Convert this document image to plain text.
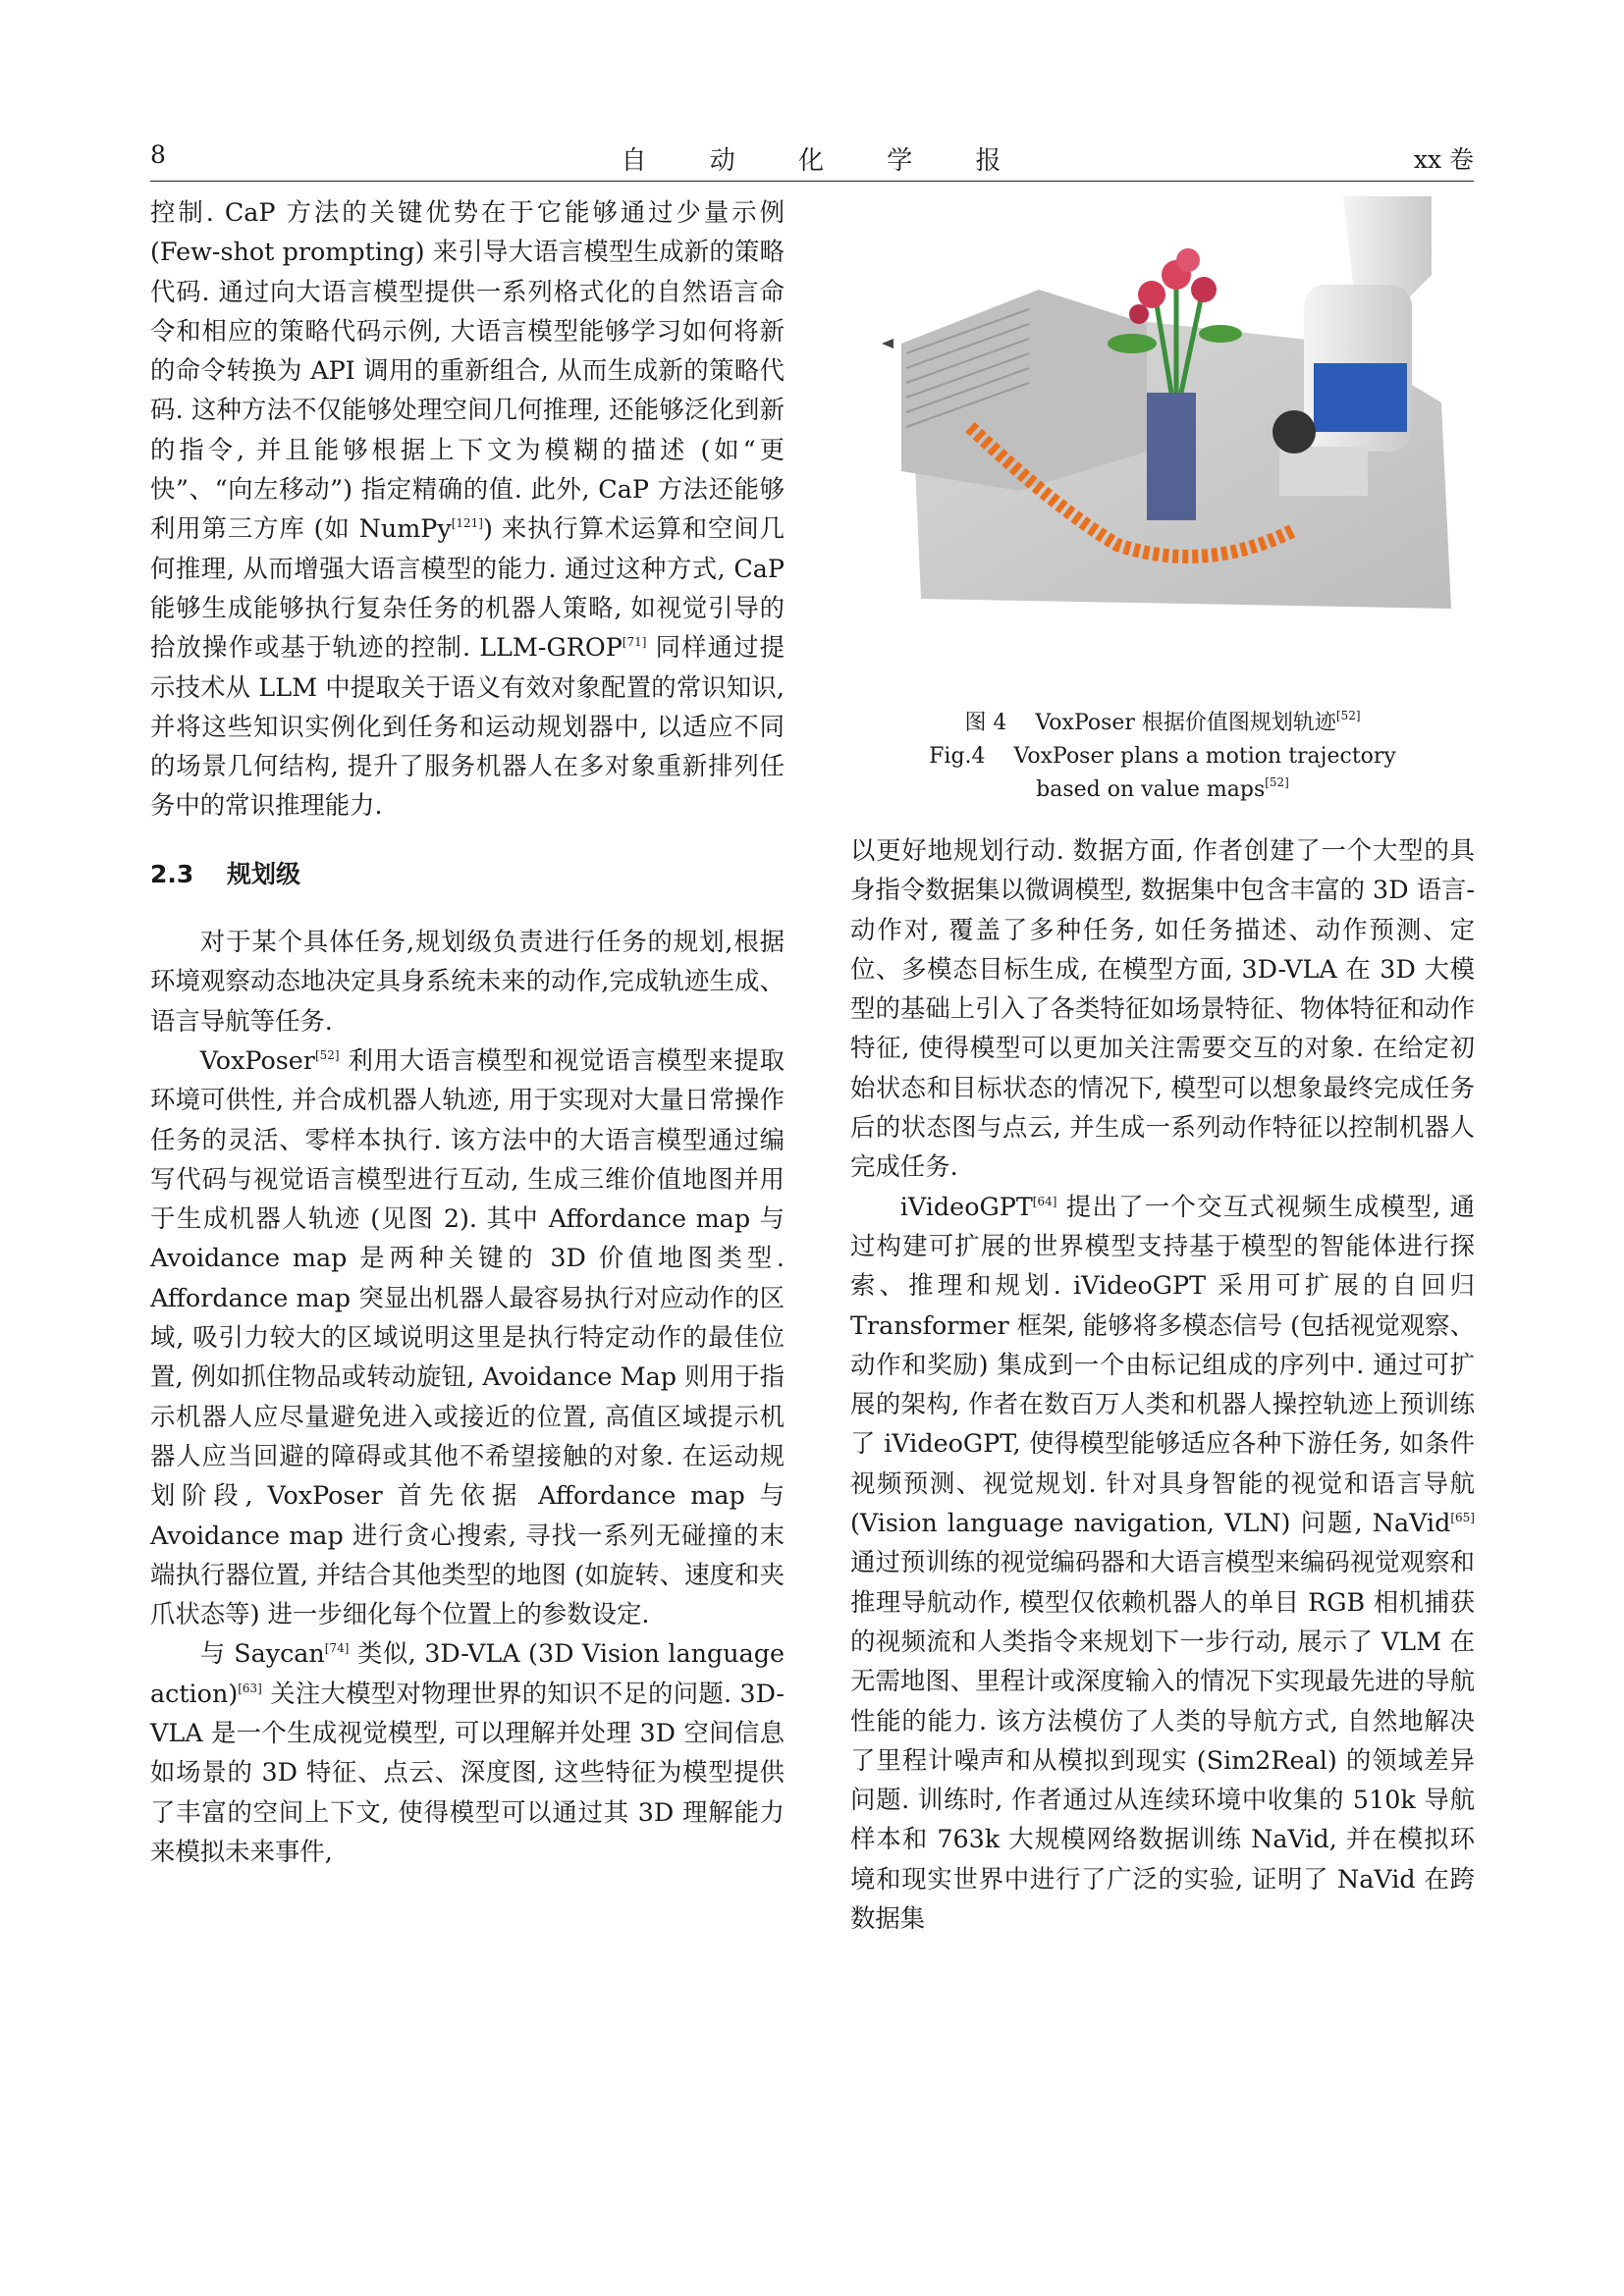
8	自 动 化 学 报	xx 卷

控制. CaP 方法的关键优势在于它能够通过少量示例 (Few-shot prompting) 来引导大语言模型生成新的策略代码. 通过向大语言模型提供一系列格式化的自然语言命令和相应的策略代码示例, 大语言模型能够学习如何将新的命令转换为 API 调用的重新组合, 从而生成新的策略代码. 这种方法不仅能够处理空间几何推理, 还能够泛化到新的指令, 并且能够根据上下文为模糊的描述 (如“更快”、“向左移动”) 指定精确的值. 此外, CaP 方法还能够利用第三方库 (如 NumPy[121]) 来执行算术运算和空间几何推理, 从而增强大语言模型的能力. 通过这种方式, CaP 能够生成能够执行复杂任务的机器人策略, 如视觉引导的拾放操作或基于轨迹的控制. LLM-GROP[71] 同样通过提示技术从 LLM 中提取关于语义有效对象配置的常识知识, 并将这些知识实例化到任务和运动规划器中, 以适应不同的场景几何结构, 提升了服务机器人在多对象重新排列任务中的常识推理能力.

2.3 　规划级

对于某个具体任务,规划级负责进行任务的规划,根据环境观察动态地决定具身系统未来的动作,完成轨迹生成、语言导航等任务.

VoxPoser[52] 利用大语言模型和视觉语言模型来提取环境可供性, 并合成机器人轨迹, 用于实现对大量日常操作任务的灵活、零样本执行. 该方法中的大语言模型通过编写代码与视觉语言模型进行互动, 生成三维价值地图并用于生成机器人轨迹 (见图 2). 其中 Affordance map 与 Avoidance map 是两种关键的 3D 价值地图类型. Affordance map 突显出机器人最容易执行对应动作的区域, 吸引力较大的区域说明这里是执行特定动作的最佳位置, 例如抓住物品或转动旋钮, Avoidance Map 则用于指示机器人应尽量避免进入或接近的位置, 高值区域提示机器人应当回避的障碍或其他不希望接触的对象. 在运动规划阶段, VoxPoser 首先依据 Affordance map 与 Avoidance map 进行贪心搜索, 寻找一系列无碰撞的末端执行器位置, 并结合其他类型的地图 (如旋转、速度和夹爪状态等) 进一步细化每个位置上的参数设定.

与 Saycan[74] 类似, 3D-VLA (3D Vision language action)[63] 关注大模型对物理世界的知识不足的问题. 3D-VLA 是一个生成视觉模型, 可以理解并处理 3D 空间信息如场景的 3D 特征、点云、深度图, 这些特征为模型提供了丰富的空间上下文, 使得模型可以通过其 3D 理解能力来模拟未来事件,

图 4　 VoxPoser 根据价值图规划轨迹[52]
Fig.4　 VoxPoser plans a motion trajectory
based on value maps[52]

以更好地规划行动. 数据方面, 作者创建了一个大型的具身指令数据集以微调模型, 数据集中包含丰富的 3D 语言-动作对, 覆盖了多种任务, 如任务描述、动作预测、定位、多模态目标生成, 在模型方面, 3D-VLA 在 3D 大模型的基础上引入了各类特征如场景特征、物体特征和动作特征, 使得模型可以更加关注需要交互的对象. 在给定初始状态和目标状态的情况下, 模型可以想象最终完成任务后的状态图与点云, 并生成一系列动作特征以控制机器人完成任务.

iVideoGPT[64] 提出了一个交互式视频生成模型, 通过构建可扩展的世界模型支持基于模型的智能体进行探索、推理和规划. iVideoGPT 采用可扩展的自回归 Transformer 框架, 能够将多模态信号 (包括视觉观察、动作和奖励) 集成到一个由标记组成的序列中. 通过可扩展的架构, 作者在数百万人类和机器人操控轨迹上预训练了 iVideoGPT, 使得模型能够适应各种下游任务, 如条件视频预测、视觉规划. 针对具身智能的视觉和语言导航 (Vision language navigation, VLN) 问题, NaVid[65] 通过预训练的视觉编码器和大语言模型来编码视觉观察和推理导航动作, 模型仅依赖机器人的单目 RGB 相机捕获的视频流和人类指令来规划下一步行动, 展示了 VLM 在无需地图、里程计或深度输入的情况下实现最先进的导航性能的能力. 该方法模仿了人类的导航方式, 自然地解决了里程计噪声和从模拟到现实 (Sim2Real) 的领域差异问题. 训练时, 作者通过从连续环境中收集的 510k 导航样本和 763k 大规模网络数据训练 NaVid, 并在模拟环境和现实世界中进行了广泛的实验, 证明了 NaVid 在跨数据集
